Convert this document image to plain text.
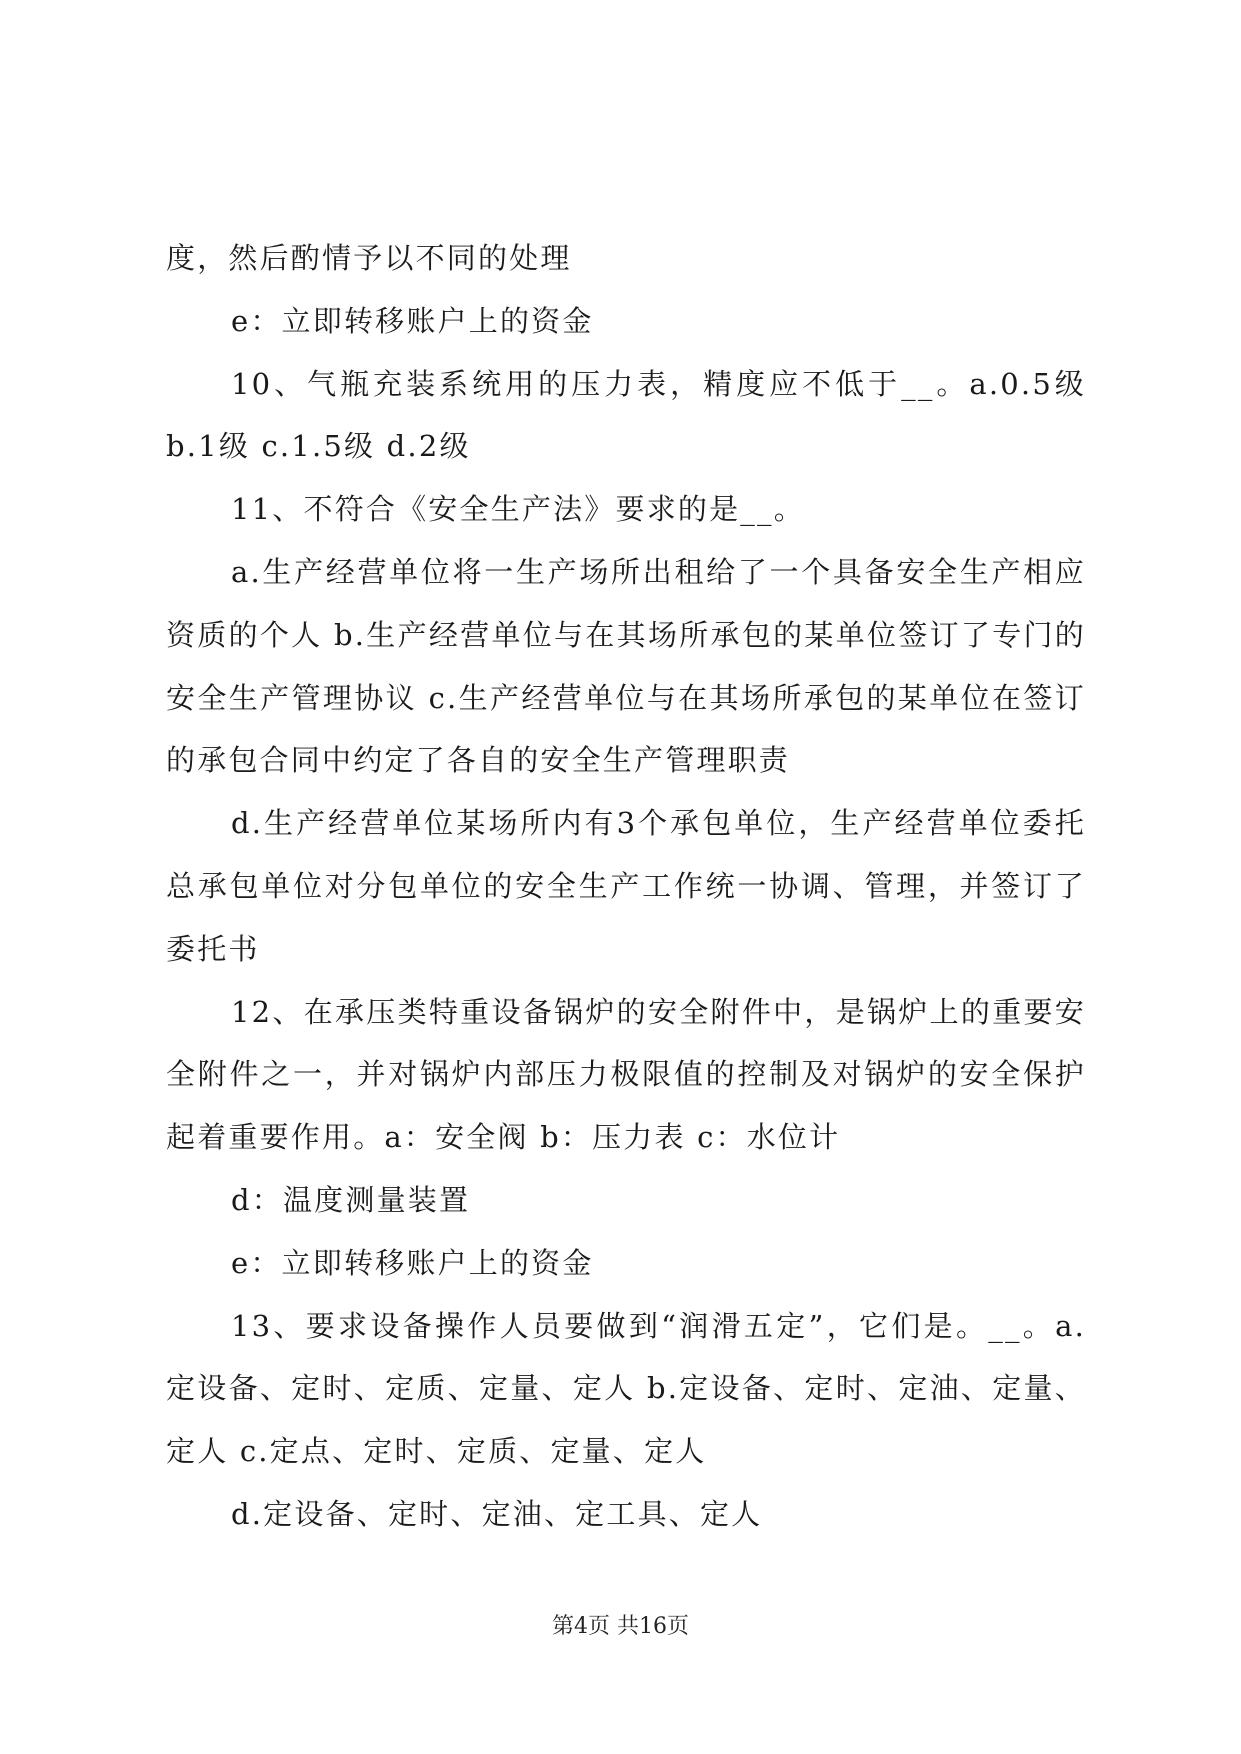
度，然后酌情予以不同的处理

e：立即转移账户上的资金

10、气瓶充装系统用的压力表，精度应不低于__。a.0.5级 b.1级 c.1.5级 d.2级

11、不符合《安全生产法》要求的是__。

a.生产经营单位将一生产场所出租给了一个具备安全生产相应资质的个人 b.生产经营单位与在其场所承包的某单位签订了专门的安全生产管理协议 c.生产经营单位与在其场所承包的某单位在签订的承包合同中约定了各自的安全生产管理职责

d.生产经营单位某场所内有3个承包单位，生产经营单位委托总承包单位对分包单位的安全生产工作统一协调、管理，并签订了委托书

12、在承压类特重设备锅炉的安全附件中，是锅炉上的重要安全附件之一，并对锅炉内部压力极限值的控制及对锅炉的安全保护起着重要作用。a：安全阀 b：压力表 c：水位计

d：温度测量装置

e：立即转移账户上的资金

13、要求设备操作人员要做到“润滑五定”，它们是。__。a.定设备、定时、定质、定量、定人 b.定设备、定时、定油、定量、定人 c.定点、定时、定质、定量、定人

d.定设备、定时、定油、定工具、定人

第4页 共16页
